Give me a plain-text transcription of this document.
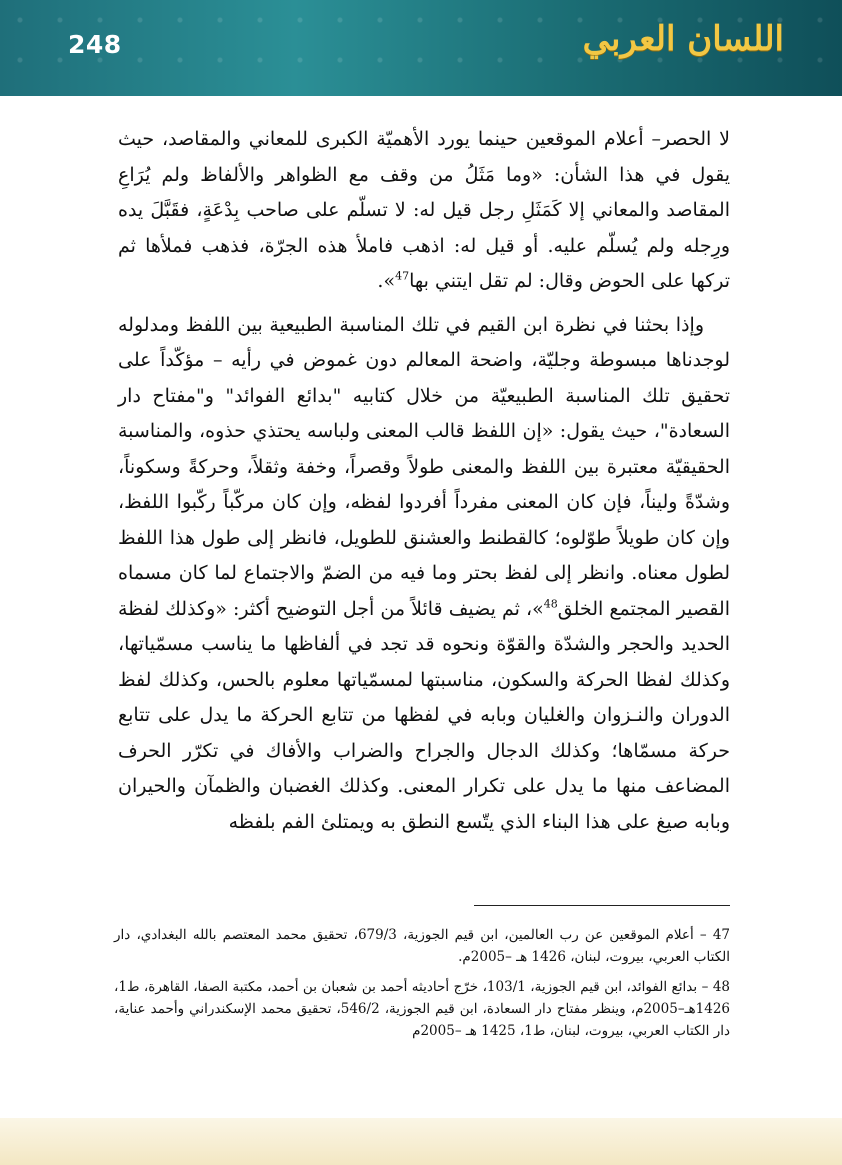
248	اللسان العربي

لا الحصر– أعلام الموقعين حينما يورد الأهميّة الكبرى للمعاني والمقاصد، حيث يقول في هذا الشأن: «وما مَثَلُ من وقف مع الظواهر والألفاظ ولم يُرَاعِ المقاصد والمعاني إلا كَمَثَلِ رجل قيل له: لا تسلّم على صاحب بِدْعَةٍ، فقَبَّلَ يده ورِجله ولم يُسلّم عليه. أو قيل له: اذهب فاملأ هذه الجرّة، فذهب فملأها ثم تركها على الحوض وقال: لم تقل ايتني بها$^{47}$».

وإذا بحثنا في نظرة ابن القيم في تلك المناسبة الطبيعية بين اللفظ ومدلوله لوجدناها مبسوطة وجليّة، واضحة المعالم دون غموض في رأيه – مؤكّداً على تحقيق تلك المناسبة الطبيعيّة من خلال كتابيه "بدائع الفوائد" و"مفتاح دار السعادة"، حيث يقول: «إن اللفظ قالب المعنى ولباسه يحتذي حذوه، والمناسبة الحقيقيّة معتبرة بين اللفظ والمعنى طولاً وقصراً، وخفة وثقلاً، وحركةً وسكوناً، وشدّةً وليناً، فإن كان المعنى مفرداً أفردوا لفظه، وإن كان مركّباً ركّبوا اللفظ، وإن كان طويلاً طوّلوه؛ كالقطنط والعشنق للطويل، فانظر إلى طول هذا اللفظ لطول معناه. وانظر إلى لفظ بحتر وما فيه من الضمّ والاجتماع لما كان مسماه القصير المجتمع الخلق$^{48}$»، ثم يضيف قائلاً من أجل التوضيح أكثر: «وكذلك لفظة الحديد والحجر والشدّة والقوّة ونحوه قد تجد في ألفاظها ما يناسب مسمّياتها، وكذلك لفظا الحركة والسكون، مناسبتها لمسمّياتها معلوم بالحس، وكذلك لفظ الدوران والنـزوان والغليان وبابه في لفظها من تتابع الحركة ما يدل على تتابع حركة مسمّاها؛ وكذلك الدجال والجراح والضراب والأفاك في تكرّر الحرف المضاعف منها ما يدل على تكرار المعنى. وكذلك الغضبان والظمآن والحيران وبابه صيغ على هذا البناء الذي يتّسع النطق به ويمتلئ الفم بلفظه

47 – أعلام الموقعين عن رب العالمين، ابن قيم الجوزية، 679/3، تحقيق محمد المعتصم بالله البغدادي، دار الكتاب العربي، بيروت، لبنان، 1426 هـ –2005م.

48 – بدائع الفوائد، ابن قيم الجوزية، 103/1، خرّج أحاديثه أحمد بن شعبان بن أحمد، مكتبة الصفا، القاهرة، ط1، 1426هـ–2005م، وينظر مفتاح دار السعادة، ابن قيم الجوزية، 546/2، تحقيق محمد الإسكندراني وأحمد عناية، دار الكتاب العربي، بيروت، لبنان، ط1، 1425 هـ –2005م
